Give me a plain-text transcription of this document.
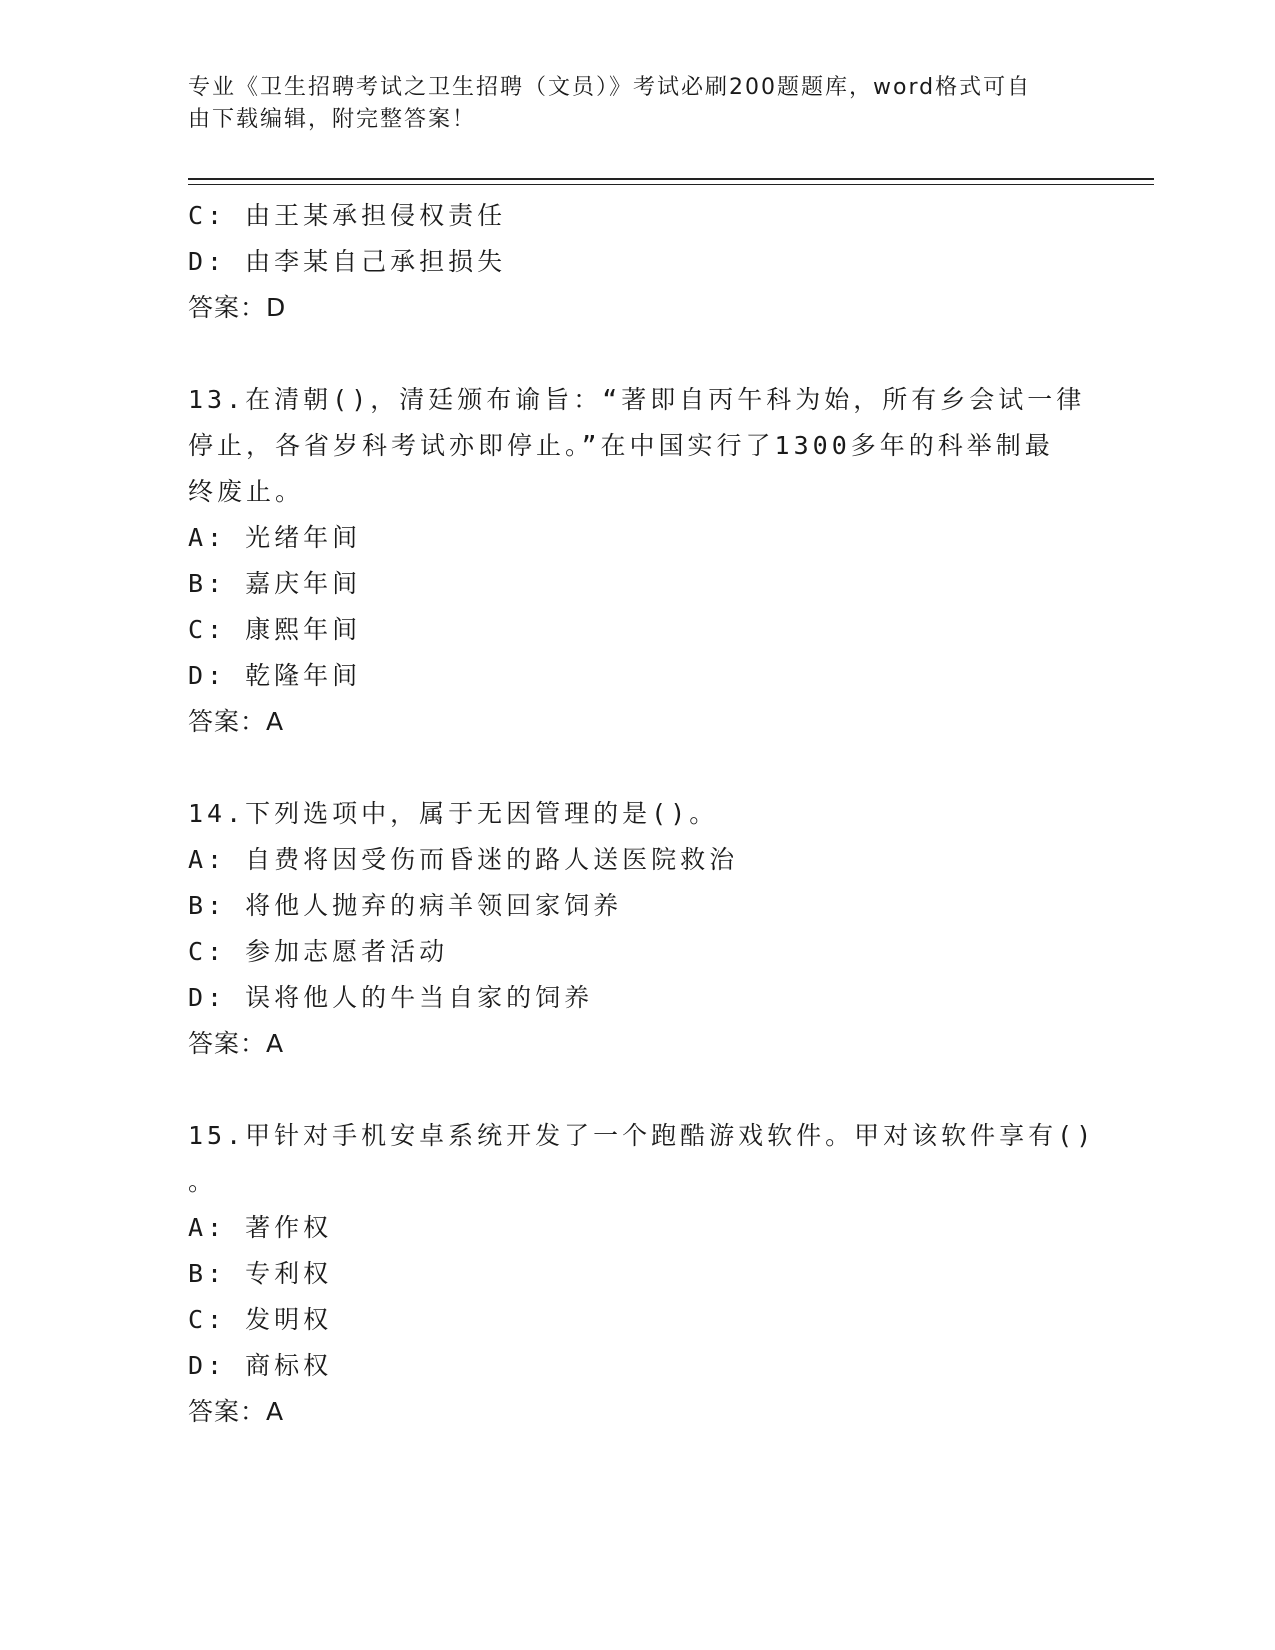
专业《卫生招聘考试之卫生招聘（文员）》考试必刷200题题库，word格式可自
由下载编辑，附完整答案！
C: 由王某承担侵权责任
D: 由李某自己承担损失
答案：D
13.在清朝()，清廷颁布谕旨：“著即自丙午科为始，所有乡会试一律
停止，各省岁科考试亦即停止。”在中国实行了1300多年的科举制最
终废止。
A: 光绪年间
B: 嘉庆年间
C: 康熙年间
D: 乾隆年间
答案：A
14.下列选项中，属于无因管理的是()。
A: 自费将因受伤而昏迷的路人送医院救治
B: 将他人抛弃的病羊领回家饲养
C: 参加志愿者活动
D: 误将他人的牛当自家的饲养
答案：A
15.甲针对手机安卓系统开发了一个跑酷游戏软件。甲对该软件享有()
。
A: 著作权
B: 专利权
C: 发明权
D: 商标权
答案：A
